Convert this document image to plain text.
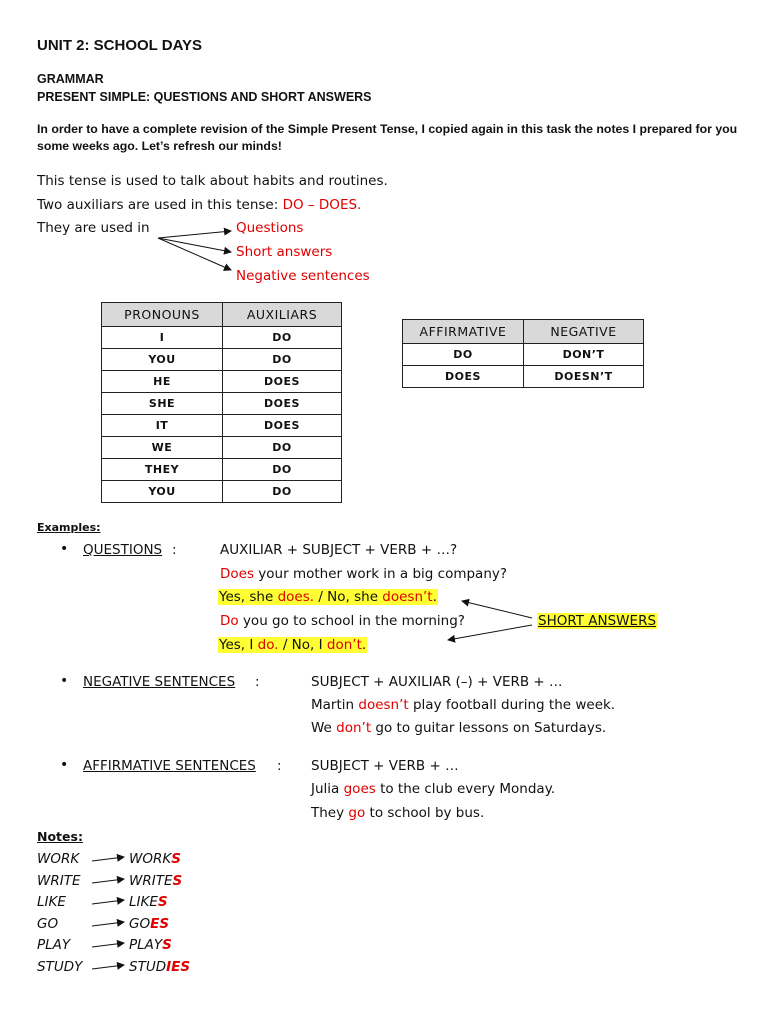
UNIT 2: SCHOOL DAYS
GRAMMAR
PRESENT SIMPLE: QUESTIONS AND SHORT ANSWERS
In order to have a complete revision of the Simple Present Tense, I copied again in this task the notes I prepared for you
some weeks ago. Let’s refresh our minds!
This tense is used to talk about habits and routines.
Two auxiliars are used in this tense: DO – DOES.
They are used in	Questions
Short answers
Negative sentences
PRONOUNS	AUXILIARS
I	DO
YOU	DO
HE	DOES
SHE	DOES
IT	DOES
WE	DO
THEY	DO
YOU	DO
AFFIRMATIVE	NEGATIVE
DO	DON’T
DOES	DOESN’T
Examples:
• QUESTIONS :	AUXILIAR + SUBJECT + VERB + …?
Does your mother work in a big company?
Yes, she does. / No, she doesn’t.
Do you go to school in the morning?
Yes, I do. / No, I don’t.
SHORT ANSWERS
• NEGATIVE SENTENCES :	SUBJECT + AUXILIAR (–) + VERB + …
Martin doesn’t play football during the week.
We don’t go to guitar lessons on Saturdays.
• AFFIRMATIVE SENTENCES : SUBJECT + VERB + …
Julia goes to the club every Monday.
They go to school by bus.
Notes:
WORK	WORKS
WRITE	WRITES
LIKE	LIKES
GO	GOES
PLAY	PLAYS
STUDY	STUDIES
